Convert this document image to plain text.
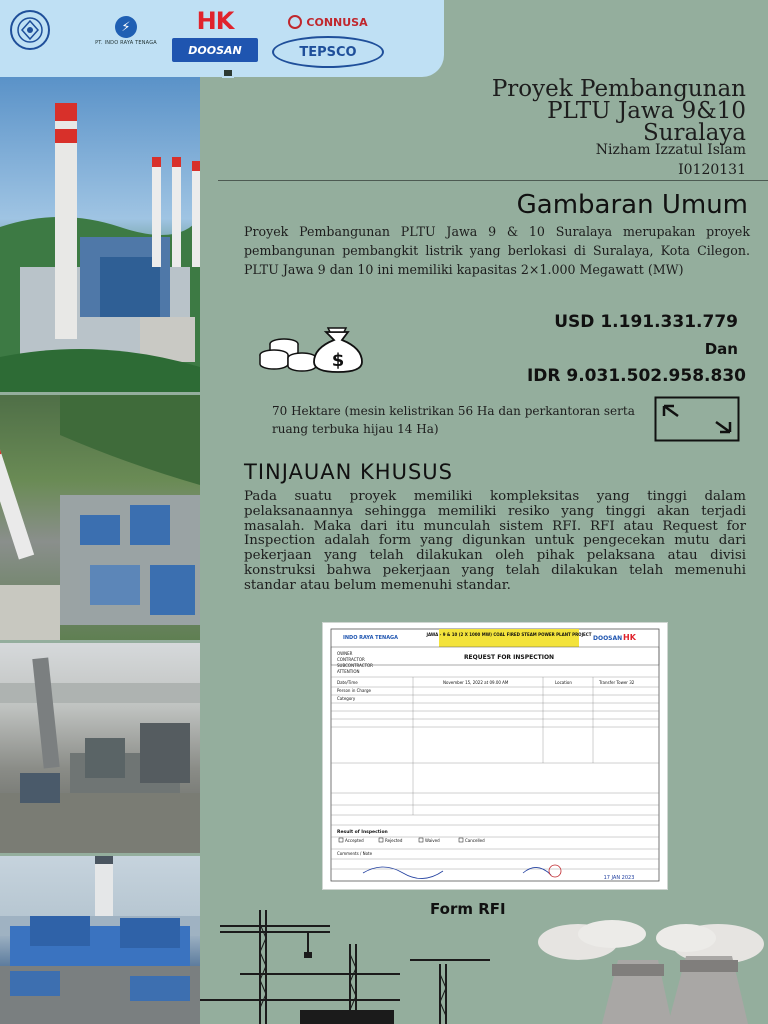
⚡
PT. INDO RAYA TENAGA
HK	CONNUSA
DOOSAN	TEPSCO
Proyek Pembangunan
PLTU Jawa 9&10
Suralaya
Nizham Izzatul Islam
I0120131
Gambaran Umum
Proyek Pembangunan PLTU Jawa 9 & 10 Suralaya merupakan proyek pembangunan pembangkit listrik yang berlokasi di Suralaya, Kota Cilegon. PLTU Jawa 9 dan 10 ini memiliki kapasitas 2×1.000 Megawatt (MW)
$
USD 1.191.331.779
Dan
IDR 9.031.502.958.830
70 Hektare (mesin kelistrikan 56 Ha dan perkantoran serta ruang terbuka hijau 14 Ha)
TINJAUAN KHUSUS
Pada suatu proyek memiliki kompleksitas yang tinggi dalam pelaksanaannya sehingga memiliki resiko yang tinggi akan terjadi masalah. Maka dari itu munculah sistem RFI. RFI atau Request for Inspection adalah form yang digunkan untuk pengecekan mutu dari pekerjaan yang telah dilakukan oleh pihak pelaksana atau divisi konstruksi bahwa pekerjaan yang telah dilakukan telah memenuhi standar atau belum memenuhi standar.
INDO RAYA TENAGA
JAWA - 9 & 10 (2 X 1000 MW) COAL FIRED STEAM POWER PLANT PROJECT
DOOSAN HK
OWNER
CONTRACTOR
SUBCONTRACTOR
ATTENTION
REQUEST FOR INSPECTION
Date/Time	November 15, 2022 at 09.00 AM	Location	Transfer Tower 32
Person in Charge
Category
Result of Inspection
Accepted	Rejected	Waived	Cancelled
Comments / Note
17 JAN 2023
Form RFI
